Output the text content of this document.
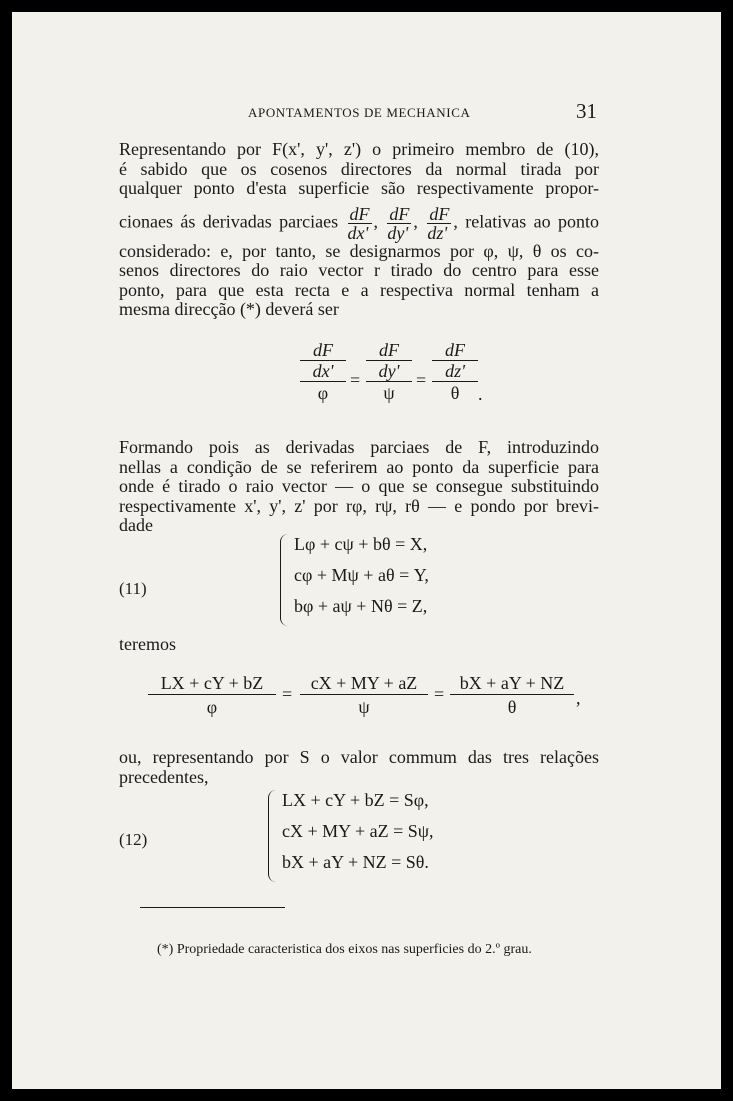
APONTAMENTOS DE MECHANICA	31
Representando por F(x', y', z') o primeiro membro de (10),
é sabido que os cosenos directores da normal tirada por
qualquer ponto d'esta superficie são respectivamente propor-
cionaes ás derivadas parciaes $\frac{dF}{dx'}$ , $\frac{dF}{dy'}$ , $\frac{dF}{dz'}$ , relativas ao ponto
considerado: e, por tanto, se designarmos por φ, ψ, θ os co-
senos directores do raio vector r tirado do centro para esse
ponto, para que esta recta e a respectiva normal tenham a
mesma direcção (*) deverá ser
dF
dx'
φ
=
dF
dy'
ψ
=
dF
dz'
θ	.
Formando pois as derivadas parciaes de F, introduzindo
nellas a condição de se referirem ao ponto da superficie para
onde é tirado o raio vector — o que se consegue substituindo
respectivamente x', y', z' por rφ, rψ, rθ — e pondo por brevi-
dade
(11)
Lφ + cψ + bθ = X,
cφ + Mψ + aθ = Y,
bφ + aψ + Nθ = Z,
teremos
$\frac{LX + cY + bZ}{\varphi} = \frac{cX + MY + aZ}{\psi} = \frac{bX + aY + NZ}{\theta}$ ,
ou, representando por S o valor commum das tres relações
precedentes,
(12)
LX + cY + bZ = Sφ,
cX + MY + aZ = Sψ,
bX + aY + NZ = Sθ.
(*) Propriedade caracteristica dos eixos nas superficies do 2.º grau.
